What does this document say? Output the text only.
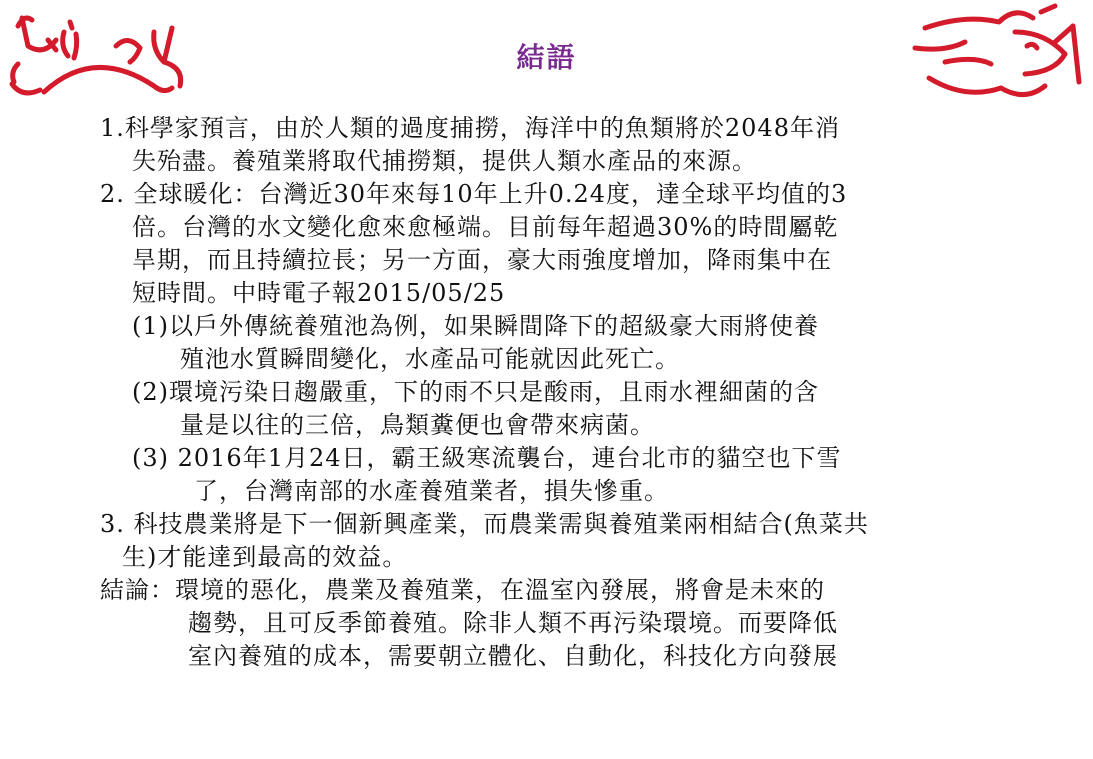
結語
1.科學家預言，由於人類的過度捕撈，海洋中的魚類將於2048年消
失殆盡。養殖業將取代捕撈類，提供人類水產品的來源。
2. 全球暖化：台灣近30年來每10年上升0.24度，達全球平均值的3
倍。台灣的水文變化愈來愈極端。目前每年超過30%的時間屬乾
旱期，而且持續拉長；另一方面，豪大雨強度增加，降雨集中在
短時間。中時電子報2015/05/25
(1)以戶外傳統養殖池為例，如果瞬間降下的超級豪大雨將使養
殖池水質瞬間變化，水產品可能就因此死亡。
(2)環境污染日趨嚴重，下的雨不只是酸雨，且雨水裡細菌的含
量是以往的三倍，鳥類糞便也會帶來病菌。
(3) 2016年1月24日，霸王級寒流襲台，連台北市的貓空也下雪
了，台灣南部的水產養殖業者，損失慘重。
3. 科技農業將是下一個新興產業，而農業需與養殖業兩相結合(魚菜共
生)才能達到最高的效益。
結論：環境的惡化，農業及養殖業，在溫室內發展，將會是未來的
趨勢，且可反季節養殖。除非人類不再污染環境。而要降低
室內養殖的成本，需要朝立體化、自動化，科技化方向發展
